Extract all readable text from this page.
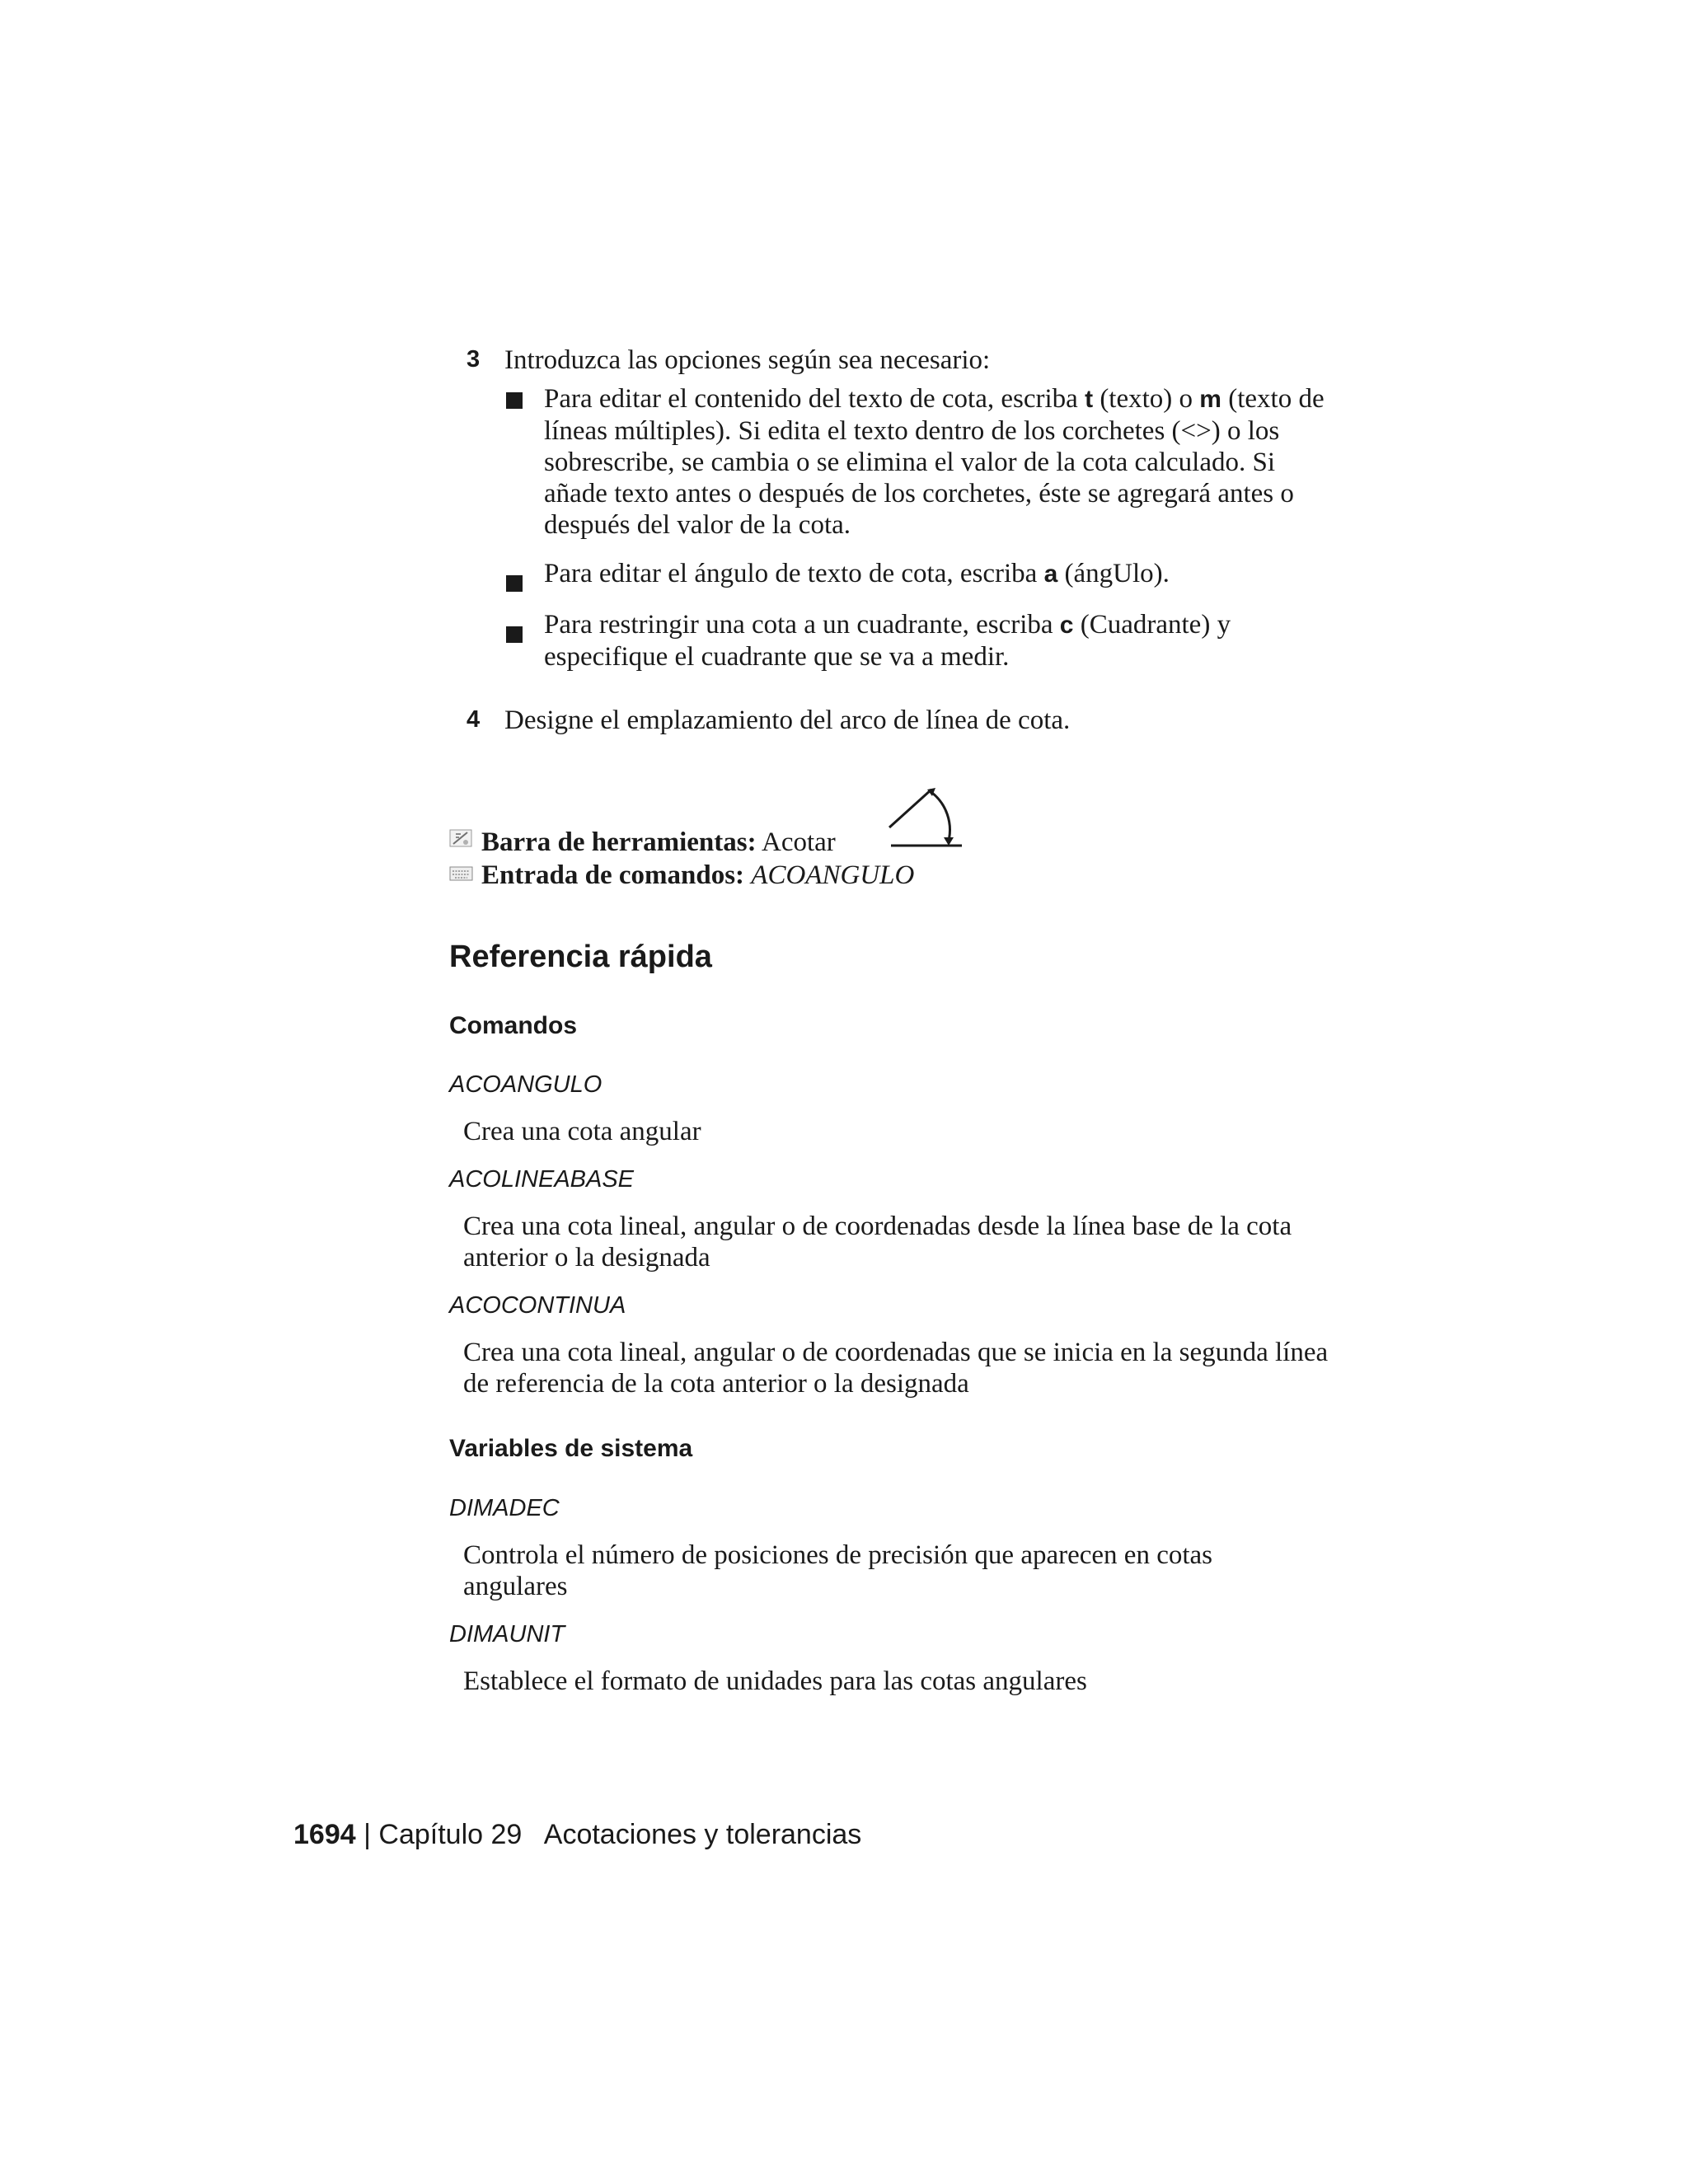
3 Introduzca las opciones según sea necesario:

Para editar el contenido del texto de cota, escriba t (texto) o m (texto de líneas múltiples). Si edita el texto dentro de los corchetes (<>) o los sobrescribe, se cambia o se elimina el valor de la cota calculado. Si añade texto antes o después de los corchetes, éste se agregará antes o después del valor de la cota.

Para editar el ángulo de texto de cota, escriba a (ángUlo).

Para restringir una cota a un cuadrante, escriba c (Cuadrante) y especifique el cuadrante que se va a medir.

4 Designe el emplazamiento del arco de línea de cota.
Barra de herramientas: Acotar
Entrada de comandos: ACOANGULO
Referencia rápida
Comandos
ACOANGULO

Crea una cota angular

ACOLINEABASE

Crea una cota lineal, angular o de coordenadas desde la línea base de la cota anterior o la designada

ACOCONTINUA

Crea una cota lineal, angular o de coordenadas que se inicia en la segunda línea de referencia de la cota anterior o la designada

Variables de sistema
DIMADEC

Controla el número de posiciones de precisión que aparecen en cotas angulares

DIMAUNIT

Establece el formato de unidades para las cotas angulares

1694 | Capítulo 29 Acotaciones y tolerancias
